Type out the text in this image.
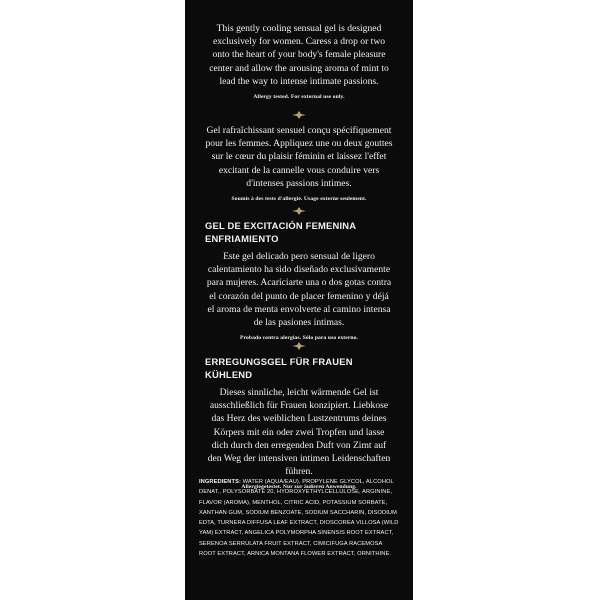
This gently cooling sensual gel is designed exclusively for women. Caress a drop or two onto the heart of your body's female pleasure center and allow the arousing aroma of mint to lead the way to intense intimate passions.

Allergy tested. For external use only.

Gel rafraîchissant sensuel conçu spécifiquement pour les femmes. Appliquez une ou deux gouttes sur le cœur du plaisir féminin et laissez l'effet excitant de la cannelle vous conduire vers d'intenses passions intimes.

Soumis à des tests d'allergie. Usage externe seulement.

GEL DE EXCITACIÓN FEMENINA ENFRIAMIENTO

Este gel delicado pero sensual de ligero calentamiento ha sido diseñado exclusivamente para mujeres. Acaríciarte una o dos gotas contra el corazón del punto de placer femenino y déjá el aroma de menta envolverte al camino intensa de las pasiones íntimas.

Probado contra alergias. Sólo para uso externo.

ERREGUNGSGEL FÜR FRAUEN KÜHLEND

Dieses sinnliche, leicht wärmende Gel ist ausschließlich für Frauen konzipiert. Liebkose das Herz des weiblichen Lustzentrums deines Körpers mit ein oder zwei Tropfen und lasse dich durch den erregenden Duft von Zimt auf den Weg der intensiven intimen Leidenschaften führen.

Allergiegetestet. Nur zur äußeren Anwendung.

INGREDIENTS: WATER (AQUA/EAU), PROPYLENE GLYCOL, ALCOHOL DENAT., POLYSORBATE 20, HYDROXYETHYLCELLULOSE, ARGININE, FLAVOR (AROMA), MENTHOL, CITRIC ACID, POTASSIUM SORBATE, XANTHAN GUM, SODIUM BENZOATE, SODIUM SACCHARIN, DISODIUM EDTA, TURNERA DIFFUSA LEAF EXTRACT, DIOSCOREA VILLOSA (WILD YAM) EXTRACT, ANGELICA POLYMORPHA SINENSIS ROOT EXTRACT, SERENOA SERRULATA FRUIT EXTRACT, CIMICIFUGA RACEMOSA ROOT EXTRACT, ARNICA MONTANA FLOWER EXTRACT, ORNITHINE.
